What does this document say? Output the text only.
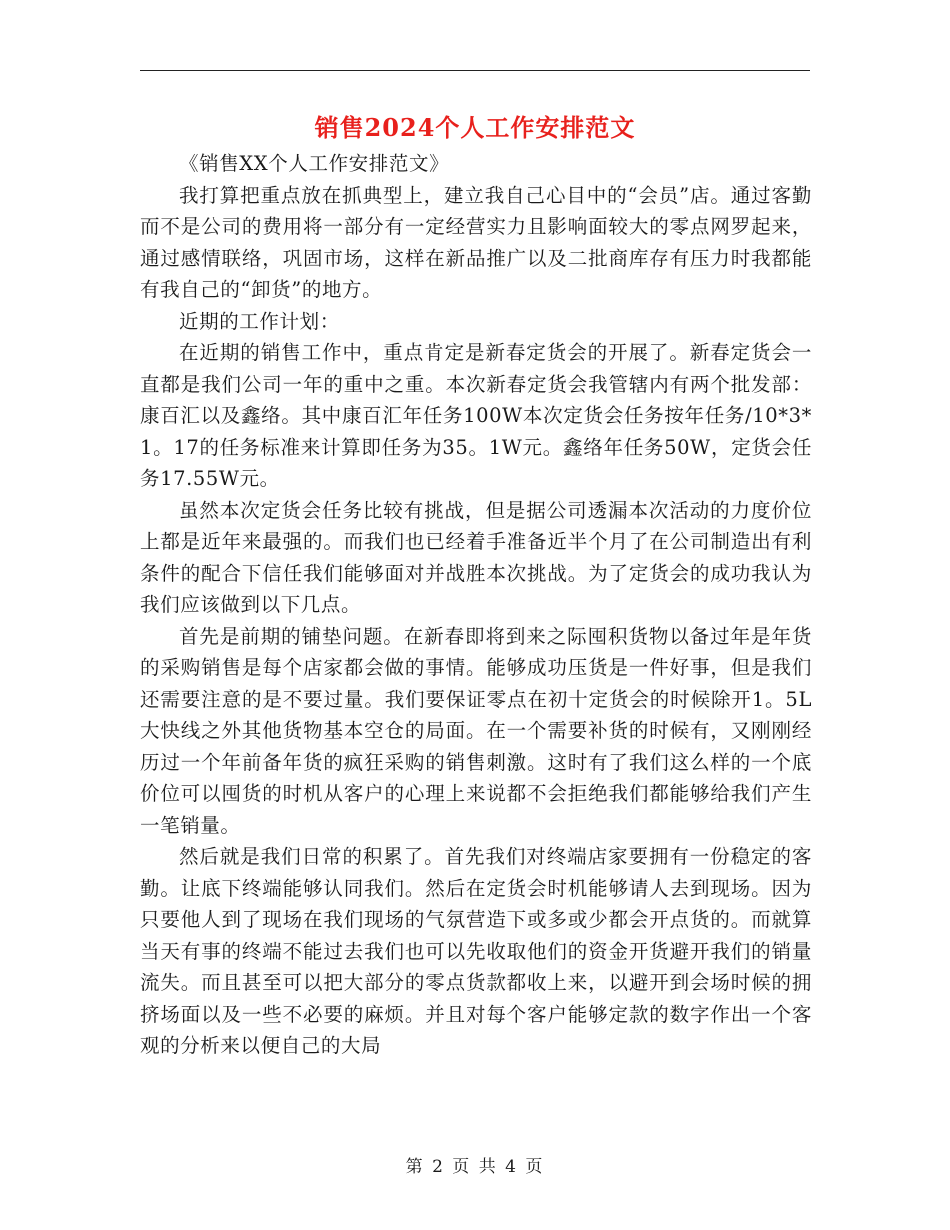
销售2024个人工作安排范文

《销售XX个人工作安排范文》

我打算把重点放在抓典型上，建立我自己心目中的“会员”店。通过客勤而不是公司的费用将一部分有一定经营实力且影响面较大的零点网罗起来，通过感情联络，巩固市场，这样在新品推广以及二批商库存有压力时我都能有我自己的“卸货”的地方。

近期的工作计划：

在近期的销售工作中，重点肯定是新春定货会的开展了。新春定货会一直都是我们公司一年的重中之重。本次新春定货会我管辖内有两个批发部：康百汇以及鑫络。其中康百汇年任务100W本次定货会任务按年任务/10*3*1。17的任务标准来计算即任务为35。1W元。鑫络年任务50W，定货会任务17.55W元。

虽然本次定货会任务比较有挑战，但是据公司透漏本次活动的力度价位上都是近年来最强的。而我们也已经着手准备近半个月了在公司制造出有利条件的配合下信任我们能够面对并战胜本次挑战。为了定货会的成功我认为我们应该做到以下几点。

首先是前期的铺垫问题。在新春即将到来之际囤积货物以备过年是年货的采购销售是每个店家都会做的事情。能够成功压货是一件好事，但是我们还需要注意的是不要过量。我们要保证零点在初十定货会的时候除开1。5L大快线之外其他货物基本空仓的局面。在一个需要补货的时候有，又刚刚经历过一个年前备年货的疯狂采购的销售刺激。这时有了我们这么样的一个底价位可以囤货的时机从客户的心理上来说都不会拒绝我们都能够给我们产生一笔销量。

然后就是我们日常的积累了。首先我们对终端店家要拥有一份稳定的客勤。让底下终端能够认同我们。然后在定货会时机能够请人去到现场。因为只要他人到了现场在我们现场的气氛营造下或多或少都会开点货的。而就算当天有事的终端不能过去我们也可以先收取他们的资金开货避开我们的销量流失。而且甚至可以把大部分的零点货款都收上来，以避开到会场时候的拥挤场面以及一些不必要的麻烦。并且对每个客户能够定款的数字作出一个客观的分析来以便自己的大局

第 2 页 共 4 页
